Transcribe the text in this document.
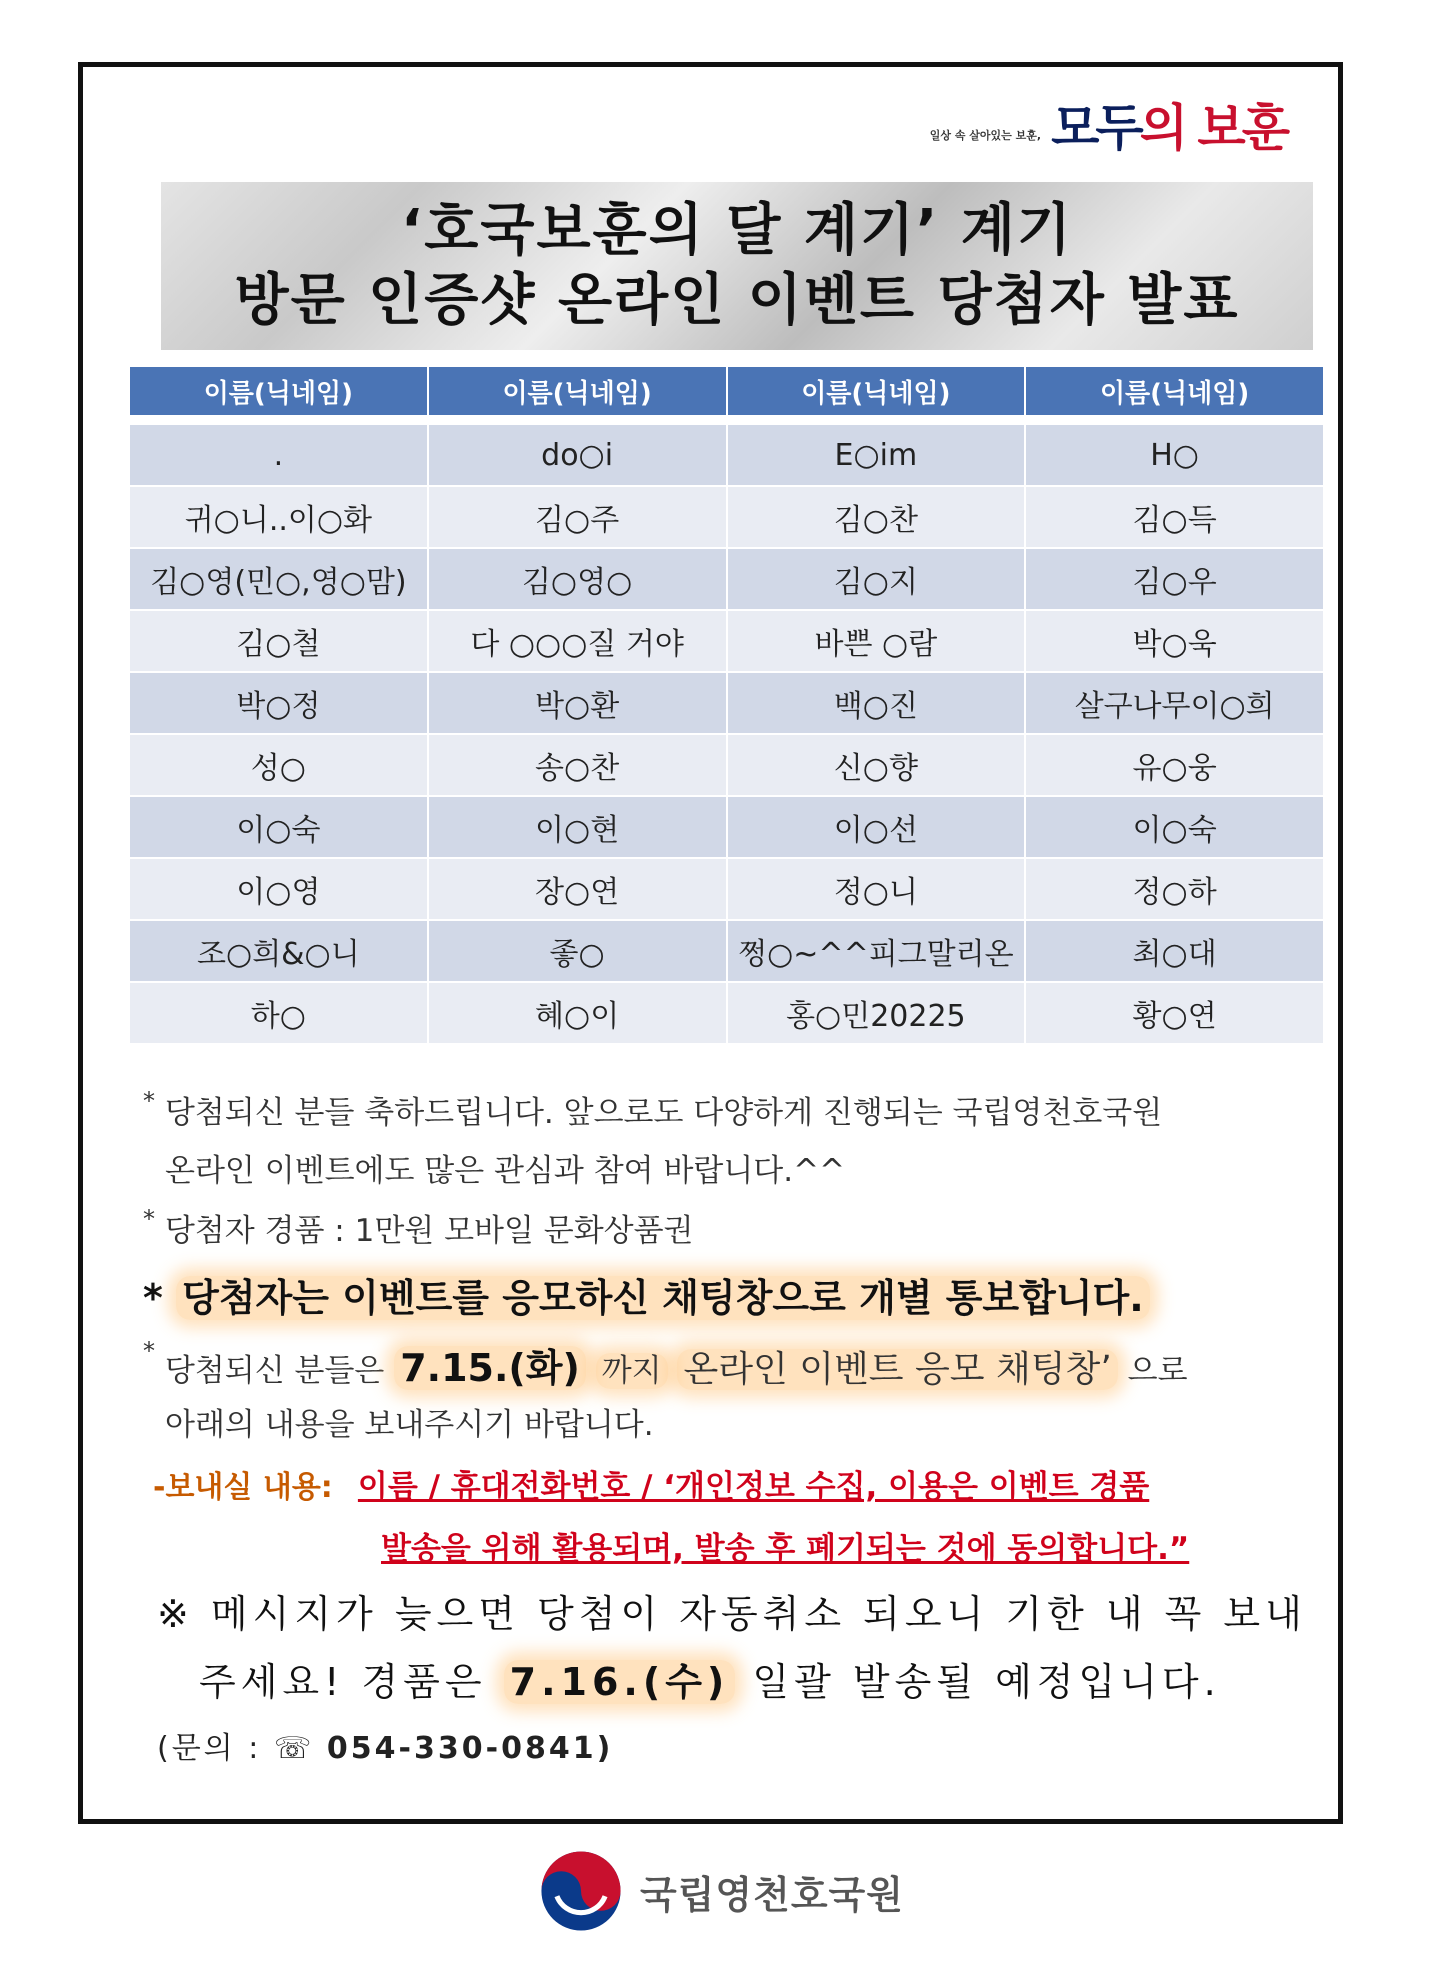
일상 속 살아있는 보훈, 모두의 보훈
‘호국보훈의 달 계기’ 계기
방문 인증샷 온라인 이벤트 당첨자 발표
이름(닉네임)	이름(닉네임)	이름(닉네임)	이름(닉네임)

.	do○i	E○im	H○
귀○니..이○화	김○주	김○찬	김○득
김○영(민○,영○맘)	김○영○	김○지	김○우
김○철	다 ○○○질 거야	바쁜 ○람	박○욱
박○정	박○환	백○진	살구나무이○희
성○	송○찬	신○향	유○웅
이○숙	이○현	이○선	이○숙
이○영	장○연	정○니	정○하
조○희&○니	좋○	쩡○~^^피그말리온	최○대
하○	혜○이	홍○민20225	황○연
* 당첨되신 분들 축하드립니다. 앞으로도 다양하게 진행되는 국립영천호국원
온라인 이벤트에도 많은 관심과 참여 바랍니다.^^
* 당첨자 경품 : 1만원 모바일 문화상품권
* 당첨자는 이벤트를 응모하신 채팅창으로 개별 통보합니다.
* 당첨되신 분들은 7.15.(화) 까지 온라인 이벤트 응모 채팅창’ 으로
아래의 내용을 보내주시기 바랍니다.
-보내실 내용: 이름 / 휴대전화번호 / ‘개인정보 수집, 이용은 이벤트 경품
발송을 위해 활용되며, 발송 후 폐기되는 것에 동의합니다.”
※ 메시지가 늦으면 당첨이 자동취소 되오니 기한 내 꼭 보내
주세요! 경품은 7.16.(수) 일괄 발송될 예정입니다.
(문의 : ☏ 054-330-0841)
국립영천호국원
